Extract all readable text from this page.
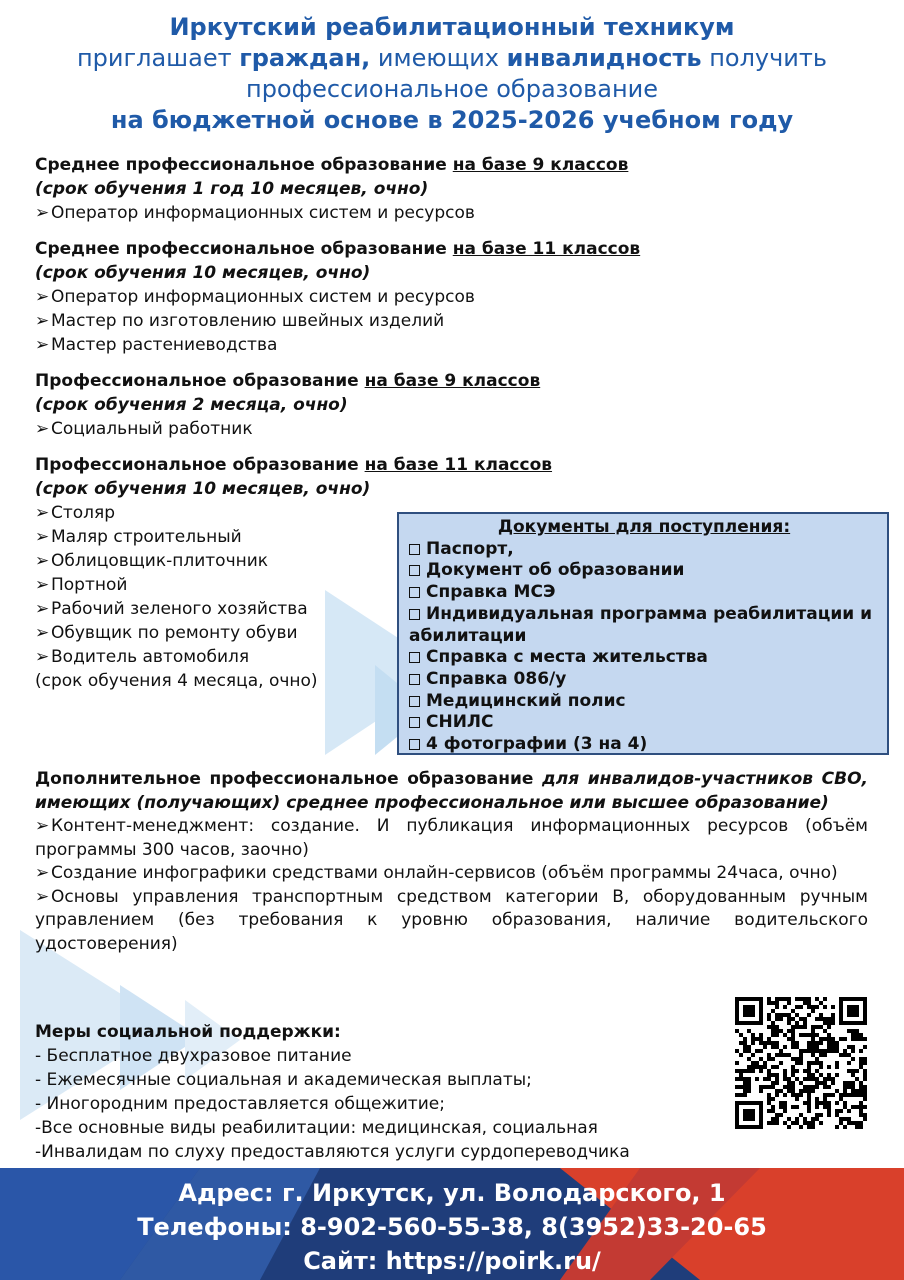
Иркутский реабилитационный техникум
приглашает граждан, имеющих инвалидность получить
профессиональное образование
на бюджетной основе в 2025-2026 учебном году
Среднее профессиональное образование на базе 9 классов
(срок обучения 1 год 10 месяцев, очно)
➢ Оператор информационных систем и ресурсов
Среднее профессиональное образование на базе 11 классов
(срок обучения 10 месяцев, очно)
➢ Оператор информационных систем и ресурсов
➢ Мастер по изготовлению швейных изделий
➢ Мастер растениеводства
Профессиональное образование на базе 9 классов
(срок обучения 2 месяца, очно)
➢ Социальный работник
Профессиональное образование на базе 11 классов
(срок обучения 10 месяцев, очно)
➢ Столяр
➢ Маляр строительный
➢ Облицовщик-плиточник
➢ Портной
➢ Рабочий зеленого хозяйства
➢ Обувщик по ремонту обуви
➢ Водитель автомобиля
(срок обучения 4 месяца, очно)
Документы для поступления:
Паспорт,
Документ об образовании
Справка МСЭ
Индивидуальная программа реабилитации и абилитации
Справка с места жительства
Справка 086/у
Медицинский полис
СНИЛС
4 фотографии (3 на 4)
Дополнительное профессиональное образование для инвалидов-участников СВО, имеющих (получающих) среднее профессиональное или высшее образование)
➢ Контент-менеджмент: создание. И публикация информационных ресурсов (объём программы 300 часов, заочно)
➢ Создание инфографики средствами онлайн-сервисов (объём программы 24часа, очно)
➢ Основы управления транспортным средством категории В, оборудованным ручным управлением (без требования к уровню образования, наличие водительского удостоверения)
Меры социальной поддержки:
- Бесплатное двухразовое питание
- Ежемесячные социальная и академическая выплаты;
- Иногородним предоставляется общежитие;
-Все основные виды реабилитации: медицинская, социальная
-Инвалидам по слуху предоставляются услуги сурдопереводчика
Адрес: г. Иркутск, ул. Володарского, 1
Телефоны: 8-902-560-55-38, 8(3952)33-20-65
Сайт: https://poirk.ru/
